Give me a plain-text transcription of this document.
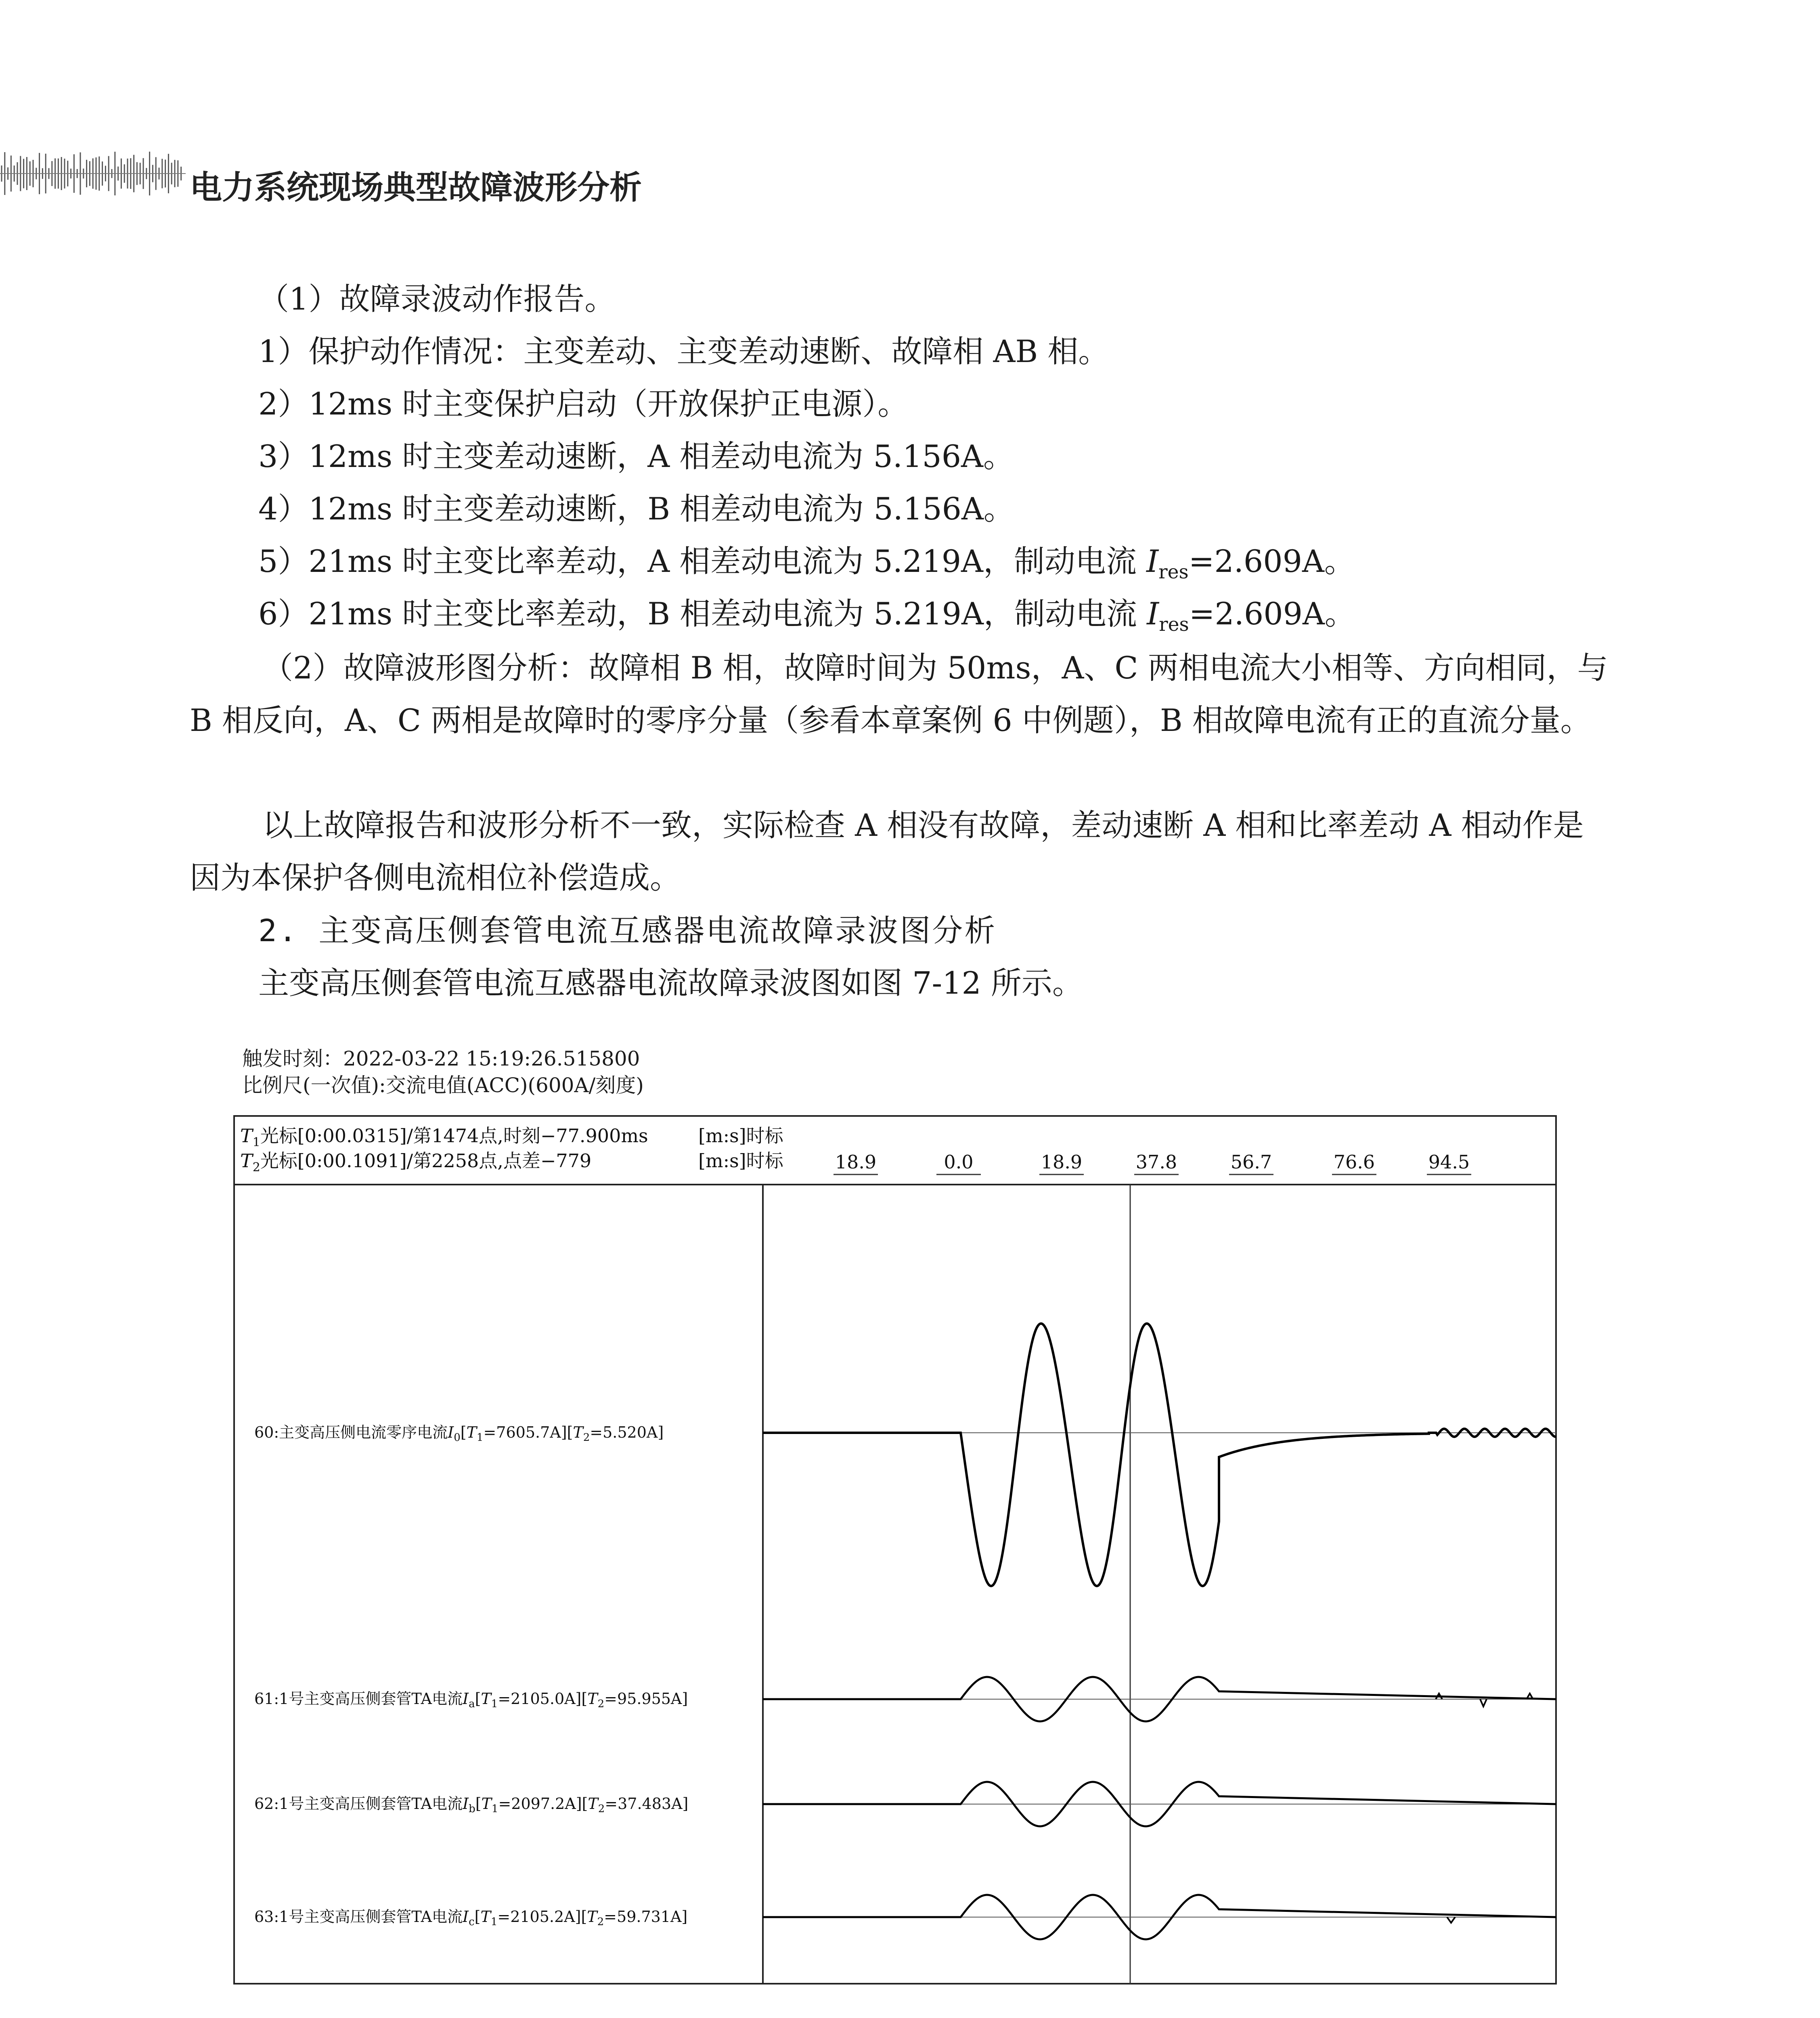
电力系统现场典型故障波形分析
（1）故障录波动作报告。
1）保护动作情况：主变差动、主变差动速断、故障相 AB 相。
2）12ms 时主变保护启动（开放保护正电源）。
3）12ms 时主变差动速断，A 相差动电流为 5.156A。
4）12ms 时主变差动速断，B 相差动电流为 5.156A。
5）21ms 时主变比率差动，A 相差动电流为 5.219A，制动电流 $I_{res}=2.609A$。
6）21ms 时主变比率差动，B 相差动电流为 5.219A，制动电流 $I_{res}=2.609A$。

（2）故障波形图分析：故障相 B 相，故障时间为 50ms，A、C 两相电流大小相等、方向相同，与 B 相反向，A、C 两相是故障时的零序分量（参看本章案例 6 中例题），B 相故障电流有正的直流分量。

以上故障报告和波形分析不一致，实际检查 A 相没有故障，差动速断 A 相和比率差动 A 相动作是因为本保护各侧电流相位补偿造成。

2. 主变高压侧套管电流互感器电流故障录波图分析
主变高压侧套管电流互感器电流故障录波图如图 7-12 所示。
触发时刻：2022-03-22 15:19:26.515800
比例尺(一次值):交流电值(ACC)(600A/刻度)
$T_1$光标[0:00.0315]/第1474点,时刻−77.900ms
$T_2$光标[0:00.1091]/第2258点,点差−779
[m:s]时标
[m:s]时标	18.9	0.0	18.9	37.8	56.7	76.6	94.5
60:主变高压侧电流零序电流$I_0[T_1=7605.7A][T_2=5.520A]$
61:1号主变高压侧套管TA电流$I_a[T_1=2105.0A][T_2=95.955A]$
62:1号主变高压侧套管TA电流$I_b[T_1=2097.2A][T_2=37.483A]$
63:1号主变高压侧套管TA电流$I_c[T_1=2105.2A][T_2=59.731A]$
